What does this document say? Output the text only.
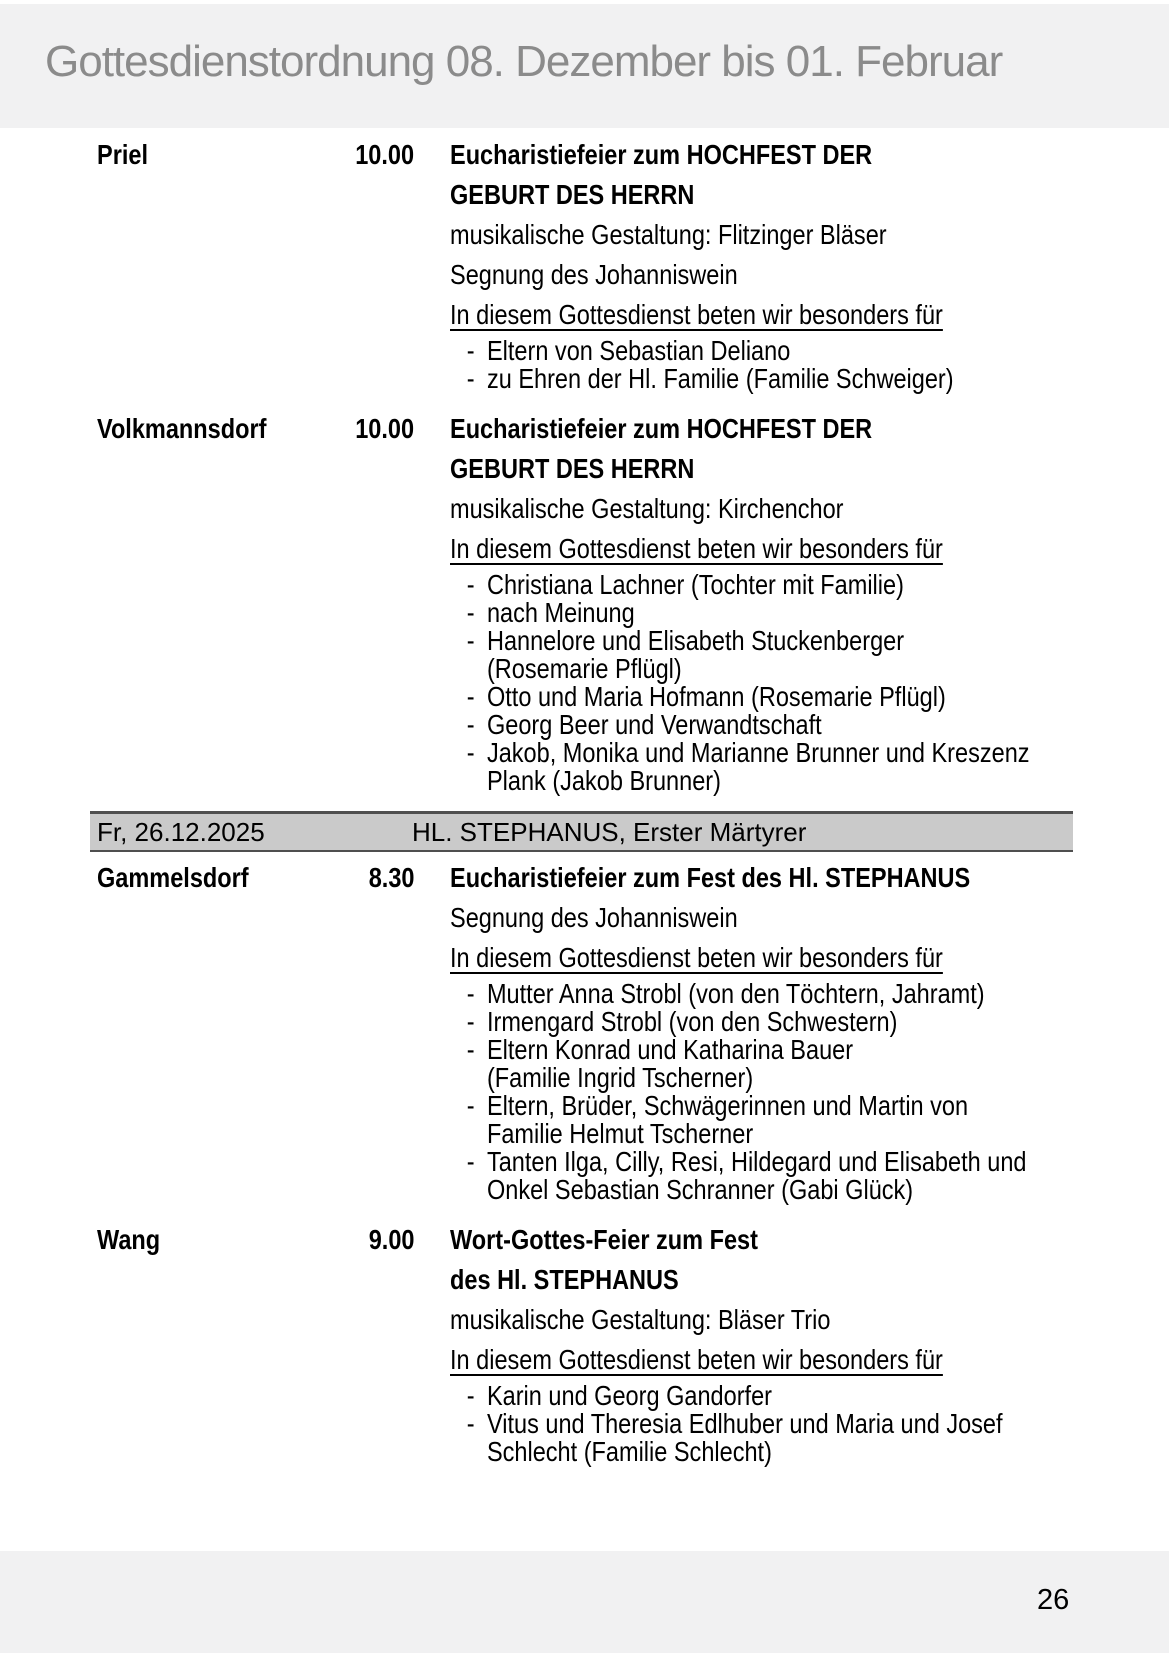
Gottesdienstordnung 08. Dezember bis 01. Februar
Priel	10.00 Eucharistiefeier zum HOCHFEST DER
GEBURT DES HERRN
musikalische Gestaltung: Flitzinger Bläser
Segnung des Johanniswein
In diesem Gottesdienst beten wir besonders für
- Eltern von Sebastian Deliano
- zu Ehren der Hl. Familie (Familie Schweiger)
Volkmannsdorf	10.00 Eucharistiefeier zum HOCHFEST DER
GEBURT DES HERRN
musikalische Gestaltung: Kirchenchor
In diesem Gottesdienst beten wir besonders für
- Christiana Lachner (Tochter mit Familie)
- nach Meinung
- Hannelore und Elisabeth Stuckenberger
(Rosemarie Pflügl)
- Otto und Maria Hofmann (Rosemarie Pflügl)
- Georg Beer und Verwandtschaft
- Jakob, Monika und Marianne Brunner und Kreszenz
Plank (Jakob Brunner)
Fr, 26.12.2025	HL. STEPHANUS, Erster Märtyrer
Gammelsdorf	8.30 Eucharistiefeier zum Fest des Hl. STEPHANUS
Segnung des Johanniswein
In diesem Gottesdienst beten wir besonders für
- Mutter Anna Strobl (von den Töchtern, Jahramt)
- Irmengard Strobl (von den Schwestern)
- Eltern Konrad und Katharina Bauer
(Familie Ingrid Tscherner)
- Eltern, Brüder, Schwägerinnen und Martin von
Familie Helmut Tscherner
- Tanten Ilga, Cilly, Resi, Hildegard und Elisabeth und
Onkel Sebastian Schranner (Gabi Glück)
Wang	9.00 Wort-Gottes-Feier zum Fest
des Hl. STEPHANUS
musikalische Gestaltung: Bläser Trio
In diesem Gottesdienst beten wir besonders für
- Karin und Georg Gandorfer
- Vitus und Theresia Edlhuber und Maria und Josef
Schlecht (Familie Schlecht)
26
